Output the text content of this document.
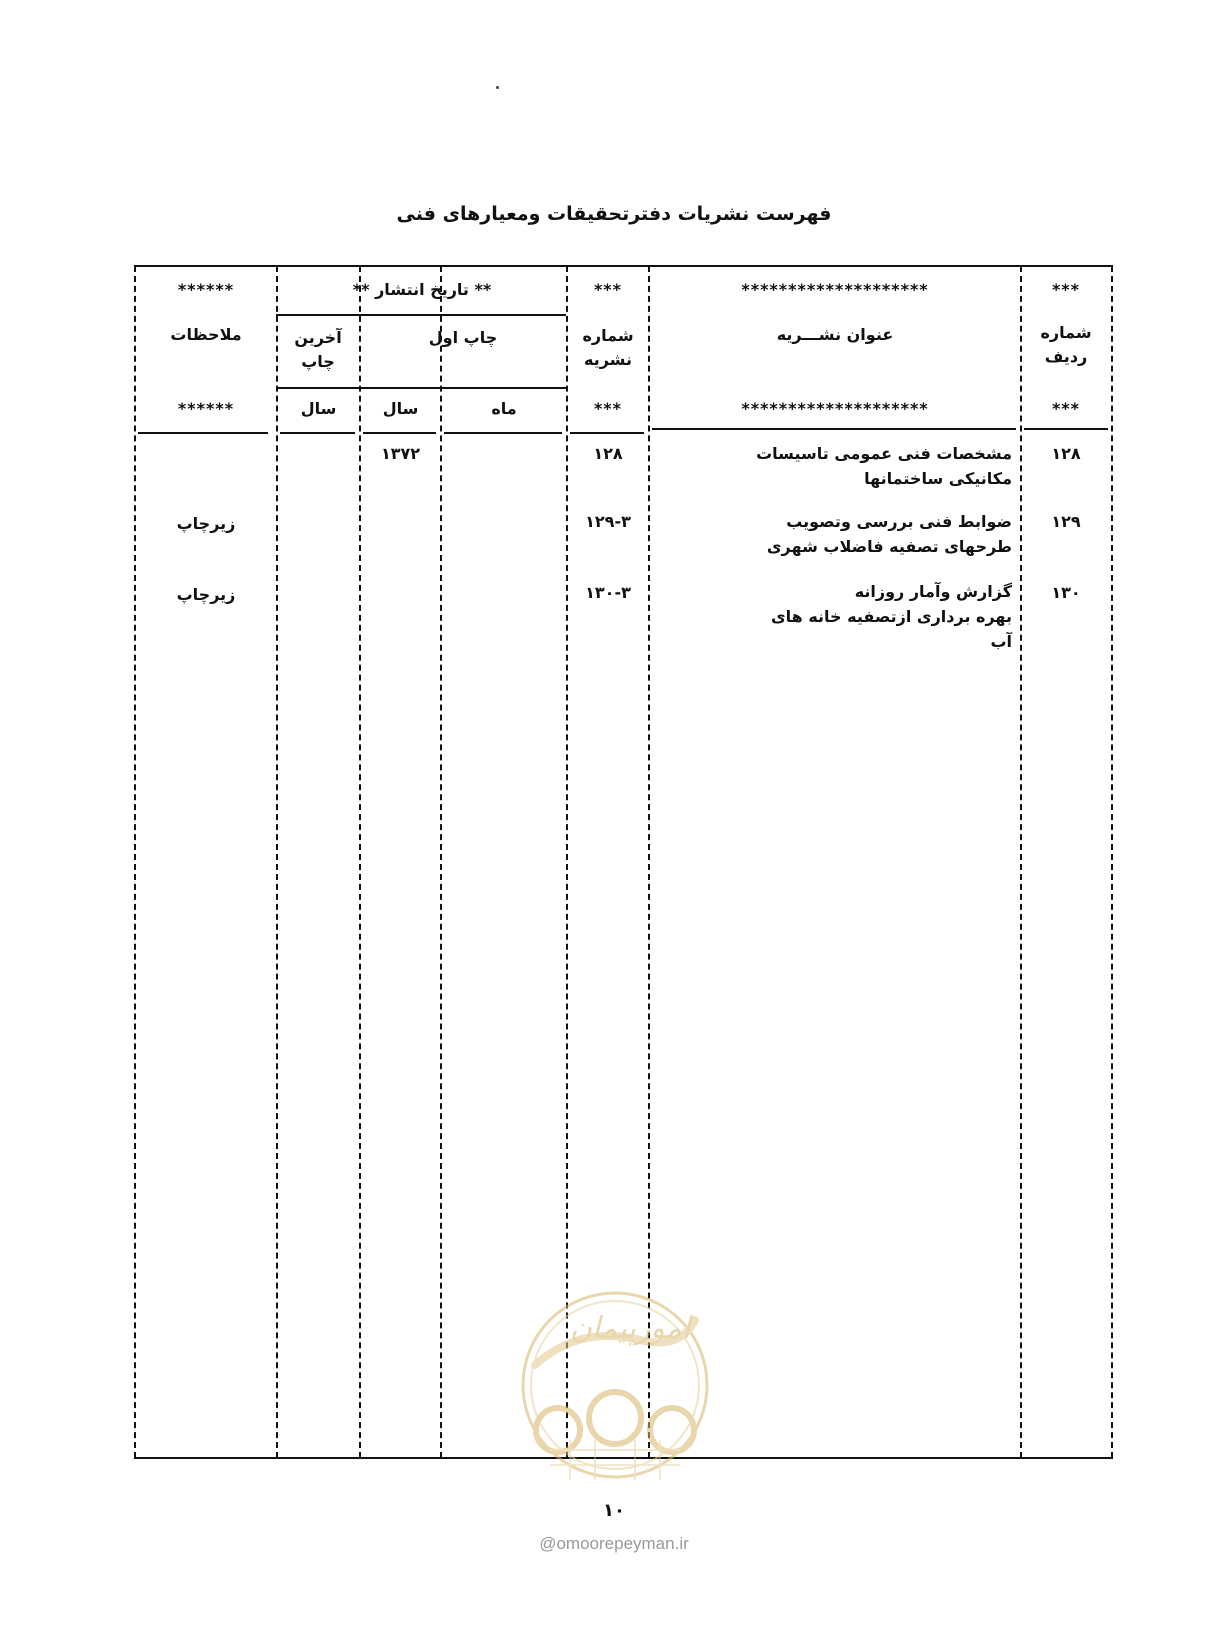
فهرست نشریات دفترتحقیقات ومعیارهای فنی
***
شماره ردیف
***
********************
عنوان نشـــریه
********************
***
شماره نشریه
***
** تاریخ انتشار **
چاپ اول
آخرین چاپ
ماه
سال
سال
******
ملاحظات
******
۱۲۸
مشخصات فنی عمومی تاسیسات
مکانیکی ساختمانها
۱۲۸
۱۳۷۲
۱۲۹
ضوابط فنی بررسی وتصویب
طرحهای تصفیه فاضلاب شهری
۱۲۹-۳
زیرچاپ
۱۳۰
گزارش وآمار روزانه
بهره برداری ازتصفیه خانه های
آب
۱۳۰-۳
زیرچاپ
امورپیمان
۱۰
@omoorepeyman.ir
